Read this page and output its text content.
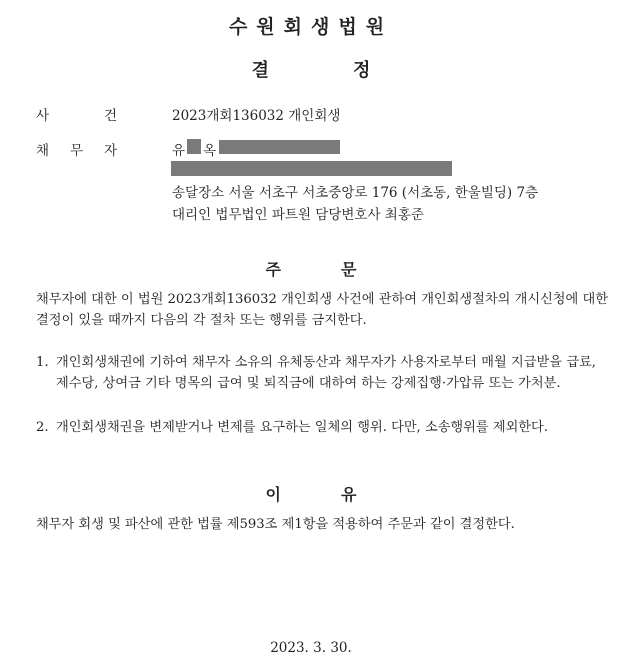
수원회생법원
결	정
사	건	2023개회136032 개인회생
채 무 자	유 옥
송달장소 서울 서초구 서초중앙로 176 (서초동, 한울빌딩) 7층
대리인 법무법인 파트원 담당변호사 최홍준
주	문
채무자에 대한 이 법원 2023개회136032 개인회생 사건에 관하여 개인회생절차의 개시신청에 대한 결정이 있을 때까지 다음의 각 절차 또는 행위를 금지한다.
1. 개인회생채권에 기하여 채무자 소유의 유체동산과 채무자가 사용자로부터 매월 지급받을 급료, 제수당, 상여금 기타 명목의 급여 및 퇴직금에 대하여 하는 강제집행·가압류 또는 가처분.
2. 개인회생채권을 변제받거나 변제를 요구하는 일체의 행위. 다만, 소송행위를 제외한다.
이	유
채무자 회생 및 파산에 관한 법률 제593조 제1항을 적용하여 주문과 같이 결정한다.
2023. 3. 30.
